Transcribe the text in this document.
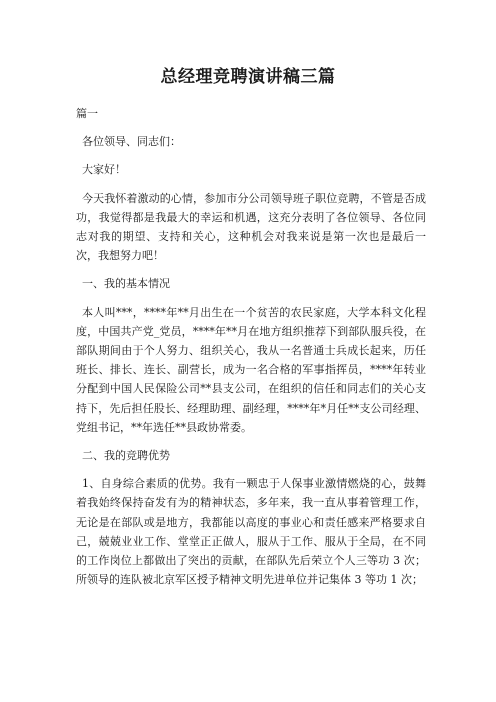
总经理竞聘演讲稿三篇

篇一

各位领导、同志们：

大家好！

今天我怀着激动的心情，参加市分公司领导班子职位竞聘，不管是否成功，我觉得都是我最大的幸运和机遇，这充分表明了各位领导、各位同志对我的期望、支持和关心，这种机会对我来说是第一次也是最后一次，我想努力吧！

一、我的基本情况

本人叫***，****年**月出生在一个贫苦的农民家庭，大学本科文化程度，中国共产党_党员，****年**月在地方组织推荐下到部队服兵役，在部队期间由于个人努力、组织关心，我从一名普通士兵成长起来，历任班长、排长、连长、副营长，成为一名合格的军事指挥员，****年转业分配到中国人民保险公司**县支公司，在组织的信任和同志们的关心支持下，先后担任股长、经理助理、副经理，****年*月任**支公司经理、党组书记，**年选任**县政协常委。

二、我的竞聘优势

1、自身综合素质的优势。我有一颗忠于人保事业激情燃烧的心，鼓舞着我始终保持奋发有为的精神状态，多年来，我一直从事着管理工作，无论是在部队或是地方，我都能以高度的事业心和责任感来严格要求自己，兢兢业业工作、堂堂正正做人，服从于工作、服从于全局，在不同的工作岗位上都做出了突出的贡献，在部队先后荣立个人三等功 3 次；所领导的连队被北京军区授予精神文明先进单位并记集体 3 等功 1 次；
